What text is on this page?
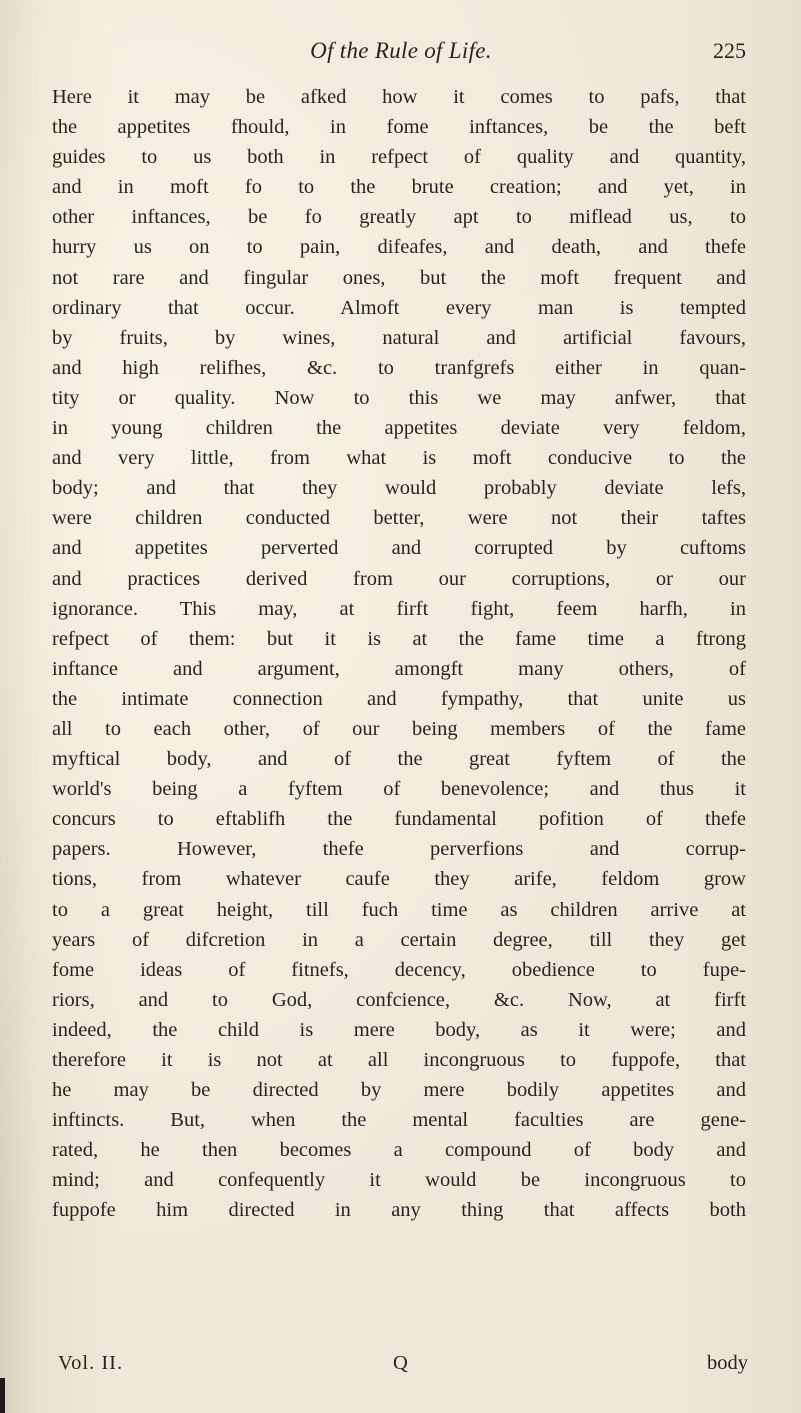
Of the Rule of Life.	225
Here it may be afked how it comes to pafs, that
the appetites fhould, in fome inftances, be the beft
guides to us both in refpect of quality and quantity,
and in moft fo to the brute creation; and yet, in
other inftances, be fo greatly apt to miflead us, to
hurry us on to pain, difeafes, and death, and thefe
not rare and fingular ones, but the moft frequent and
ordinary that occur. Almoft every man is tempted
by fruits, by wines, natural and artificial favours,
and high relifhes, &c. to tranfgrefs either in quan-
tity or quality. Now to this we may anfwer, that
in young children the appetites deviate very feldom,
and very little, from what is moft conducive to the
body; and that they would probably deviate lefs,
were children conducted better, were not their taftes
and appetites perverted and corrupted by cuftoms
and practices derived from our corruptions, or our
ignorance. This may, at firft fight, feem harfh, in
refpect of them: but it is at the fame time a ftrong
inftance and argument, amongft many others, of
the intimate connection and fympathy, that unite us
all to each other, of our being members of the fame
myftical body, and of the great fyftem of the
world's being a fyftem of benevolence; and thus it
concurs to eftablifh the fundamental pofition of thefe
papers. However, thefe perverfions and corrup-
tions, from whatever caufe they arife, feldom grow
to a great height, till fuch time as children arrive at
years of difcretion in a certain degree, till they get
fome ideas of fitnefs, decency, obedience to fupe-
riors, and to God, confcience, &c. Now, at firft
indeed, the child is mere body, as it were; and
therefore it is not at all incongruous to fuppofe, that
he may be directed by mere bodily appetites and
inftincts. But, when the mental faculties are gene-
rated, he then becomes a compound of body and
mind; and confequently it would be incongruous to
fuppofe him directed in any thing that affects both
Vol. II.	Q	body
